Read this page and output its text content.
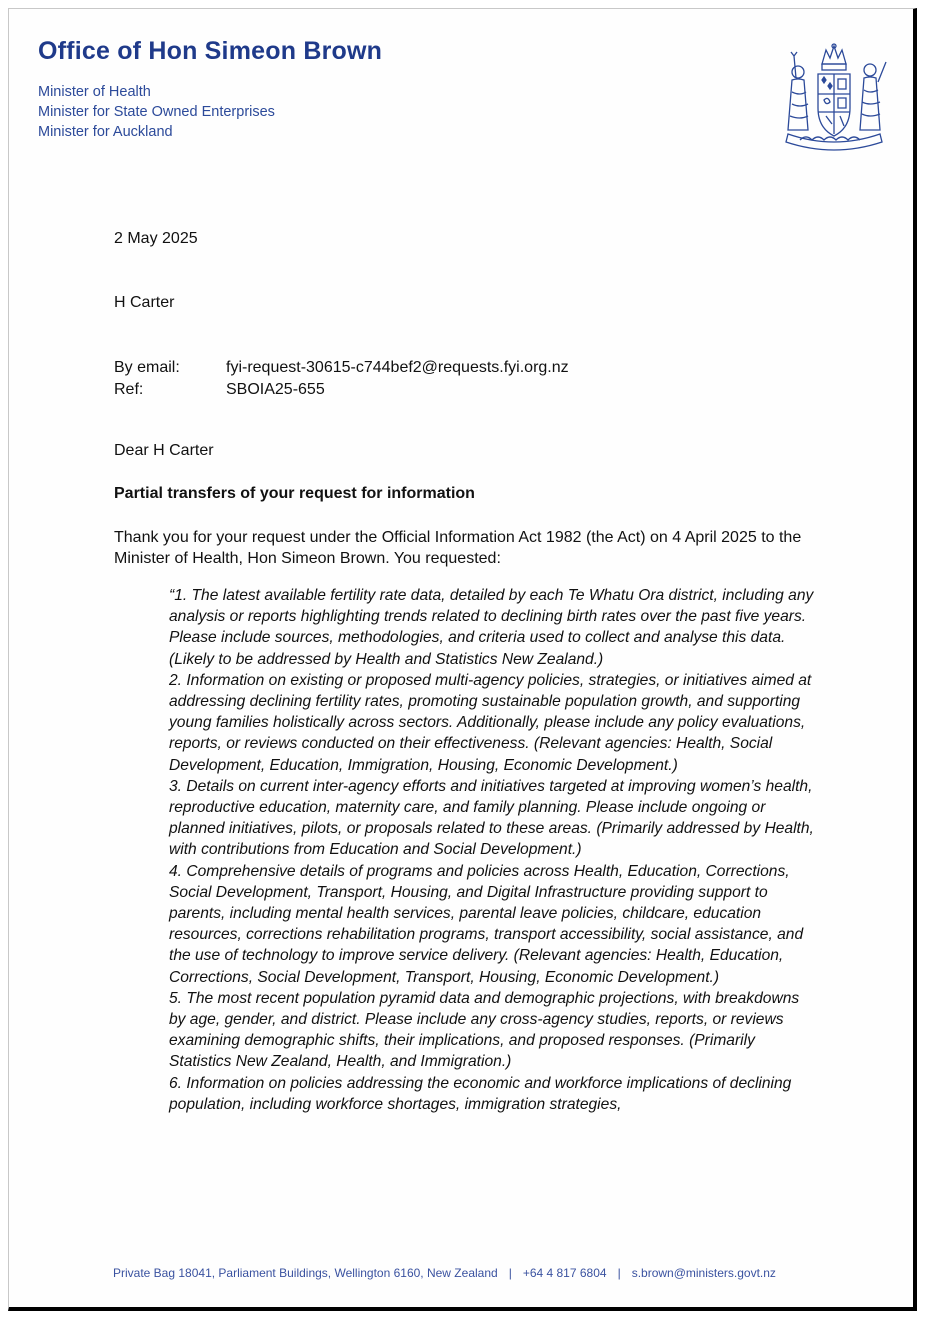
Office of Hon Simeon Brown
Minister of Health
Minister for State Owned Enterprises
Minister for Auckland
2 May 2025
H Carter
By email:	fyi-request-30615-c744bef2@requests.fyi.org.nz
Ref:	SBOIA25-655
Dear H Carter
Partial transfers of your request for information

Thank you for your request under the Official Information Act 1982 (the Act) on 4 April 2025 to the Minister of Health, Hon Simeon Brown. You requested:

“1. The latest available fertility rate data, detailed by each Te Whatu Ora district, including any analysis or reports highlighting trends related to declining birth rates over the past five years. Please include sources, methodologies, and criteria used to collect and analyse this data. (Likely to be addressed by Health and Statistics New Zealand.)

2. Information on existing or proposed multi-agency policies, strategies, or initiatives aimed at addressing declining fertility rates, promoting sustainable population growth, and supporting young families holistically across sectors. Additionally, please include any policy evaluations, reports, or reviews conducted on their effectiveness. (Relevant agencies: Health, Social Development, Education, Immigration, Housing, Economic Development.)

3. Details on current inter-agency efforts and initiatives targeted at improving women’s health, reproductive education, maternity care, and family planning. Please include ongoing or planned initiatives, pilots, or proposals related to these areas. (Primarily addressed by Health, with contributions from Education and Social Development.)

4. Comprehensive details of programs and policies across Health, Education, Corrections, Social Development, Transport, Housing, and Digital Infrastructure providing support to parents, including mental health services, parental leave policies, childcare, education resources, corrections rehabilitation programs, transport accessibility, social assistance, and the use of technology to improve service delivery. (Relevant agencies: Health, Education, Corrections, Social Development, Transport, Housing, Economic Development.)

5. The most recent population pyramid data and demographic projections, with breakdowns by age, gender, and district. Please include any cross-agency studies, reports, or reviews examining demographic shifts, their implications, and proposed responses. (Primarily Statistics New Zealand, Health, and Immigration.)

6. Information on policies addressing the economic and workforce implications of declining population, including workforce shortages, immigration strategies,

Private Bag 18041, Parliament Buildings, Wellington 6160, New Zealand | +64 4 817 6804 | s.brown@ministers.govt.nz
